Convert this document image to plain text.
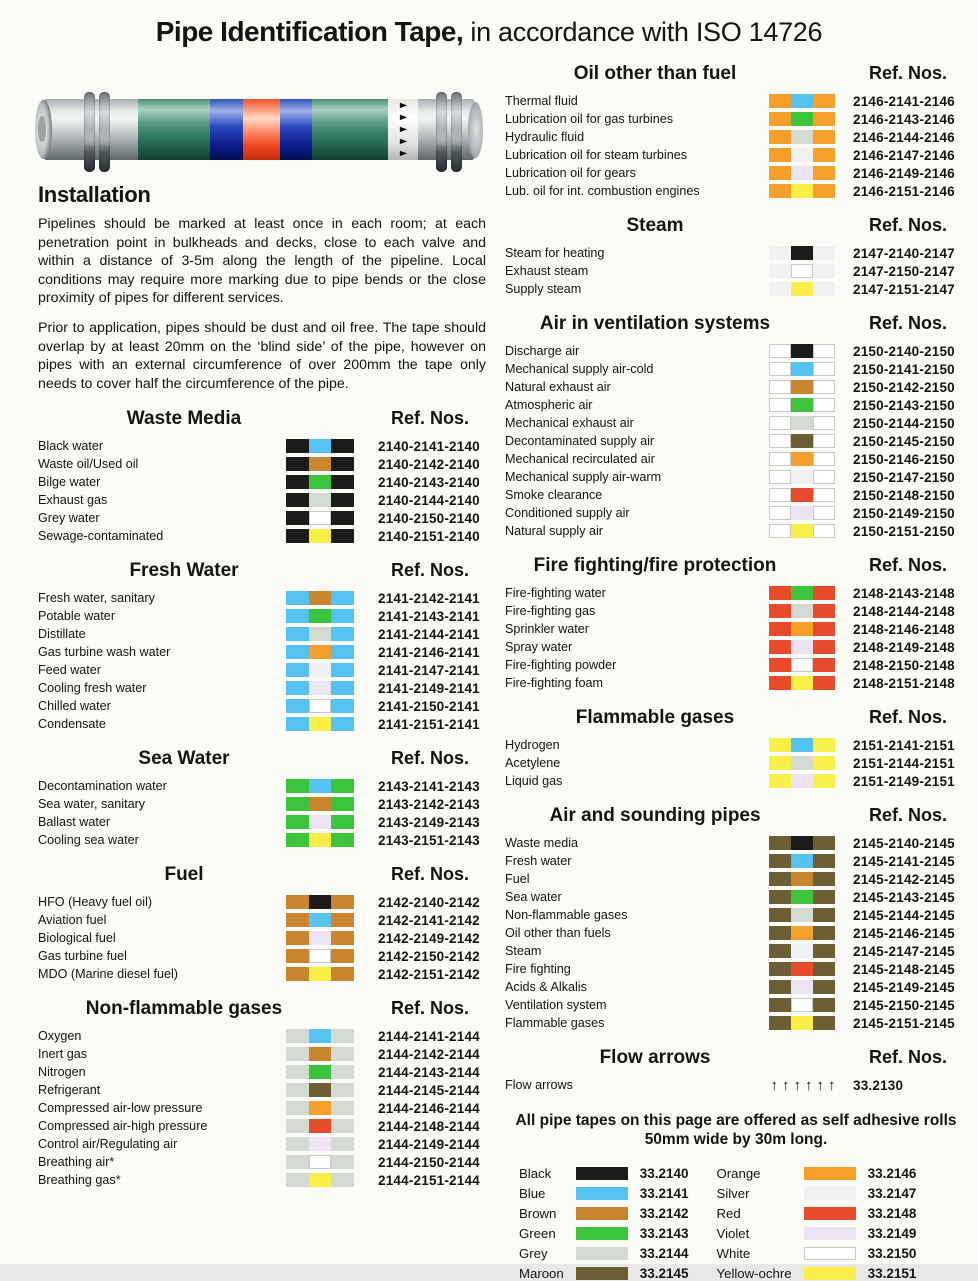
Pipe Identification Tape, in accordance with ISO 14726
►
►
►
►
►
Installation

Pipelines should be marked at least once in each room; at each penetration point in bulkheads and decks, close to each valve and within a distance of 3-5m along the length of the pipeline. Local conditions may require more marking due to pipe bends or the close proximity of pipes for different services.

Prior to application, pipes should be dust and oil free. The tape should overlap by at least 20mm on the ‘blind side’ of the pipe, however on pipes with an external circumference of over 200mm the tape only needs to cover half the circumference of the pipe.

Waste Media	Ref. Nos.
Black water	2140-2141-2140
Waste oil/Used oil	2140-2142-2140
Bilge water	2140-2143-2140
Exhaust gas	2140-2144-2140
Grey water	2140-2150-2140
Sewage-contaminated	2140-2151-2140
Fresh Water	Ref. Nos.
Fresh water, sanitary	2141-2142-2141
Potable water	2141-2143-2141
Distillate	2141-2144-2141
Gas turbine wash water	2141-2146-2141
Feed water	2141-2147-2141
Cooling fresh water	2141-2149-2141
Chilled water	2141-2150-2141
Condensate	2141-2151-2141
Sea Water	Ref. Nos.
Decontamination water	2143-2141-2143
Sea water, sanitary	2143-2142-2143
Ballast water	2143-2149-2143
Cooling sea water	2143-2151-2143
Fuel	Ref. Nos.
HFO (Heavy fuel oil)	2142-2140-2142
Aviation fuel	2142-2141-2142
Biological fuel	2142-2149-2142
Gas turbine fuel	2142-2150-2142
MDO (Marine diesel fuel)	2142-2151-2142
Non-flammable gases	Ref. Nos.
Oxygen	2144-2141-2144
Inert gas	2144-2142-2144
Nitrogen	2144-2143-2144
Refrigerant	2144-2145-2144
Compressed air-low pressure	2144-2146-2144
Compressed air-high pressure	2144-2148-2144
Control air/Regulating air	2144-2149-2144
Breathing air*	2144-2150-2144
Breathing gas*	2144-2151-2144
Oil other than fuel	Ref. Nos.
Thermal fluid	2146-2141-2146
Lubrication oil for gas turbines	2146-2143-2146
Hydraulic fluid	2146-2144-2146
Lubrication oil for steam turbines	2146-2147-2146
Lubrication oil for gears	2146-2149-2146
Lub. oil for int. combustion engines	2146-2151-2146
Steam	Ref. Nos.
Steam for heating	2147-2140-2147
Exhaust steam	2147-2150-2147
Supply steam	2147-2151-2147
Air in ventilation systems	Ref. Nos.
Discharge air	2150-2140-2150
Mechanical supply air-cold	2150-2141-2150
Natural exhaust air	2150-2142-2150
Atmospheric air	2150-2143-2150
Mechanical exhaust air	2150-2144-2150
Decontaminated supply air	2150-2145-2150
Mechanical recirculated air	2150-2146-2150
Mechanical supply air-warm	2150-2147-2150
Smoke clearance	2150-2148-2150
Conditioned supply air	2150-2149-2150
Natural supply air	2150-2151-2150
Fire fighting/fire protection	Ref. Nos.
Fire-fighting water	2148-2143-2148
Fire-fighting gas	2148-2144-2148
Sprinkler water	2148-2146-2148
Spray water	2148-2149-2148
Fire-fighting powder	2148-2150-2148
Fire-fighting foam	2148-2151-2148
Flammable gases	Ref. Nos.
Hydrogen	2151-2141-2151
Acetylene	2151-2144-2151
Liquid gas	2151-2149-2151
Air and sounding pipes	Ref. Nos.
Waste media	2145-2140-2145
Fresh water	2145-2141-2145
Fuel	2145-2142-2145
Sea water	2145-2143-2145
Non-flammable gases	2145-2144-2145
Oil other than fuels	2145-2146-2145
Steam	2145-2147-2145
Fire fighting	2145-2148-2145
Acids & Alkalis	2145-2149-2145
Ventilation system	2145-2150-2145
Flammable gases	2145-2151-2145
Flow arrows	Ref. Nos.
Flow arrows	↑↑↑↑↑↑ 33.2130
All pipe tapes on this page are offered as self adhesive rolls
50mm wide by 30m long.
Black	33.2140
Blue	33.2141
Brown	33.2142
Green	33.2143
Grey	33.2144
Maroon	33.2145
Orange	33.2146
Silver	33.2147
Red	33.2148
Violet	33.2149
White	33.2150
Yellow-ochre	33.2151
